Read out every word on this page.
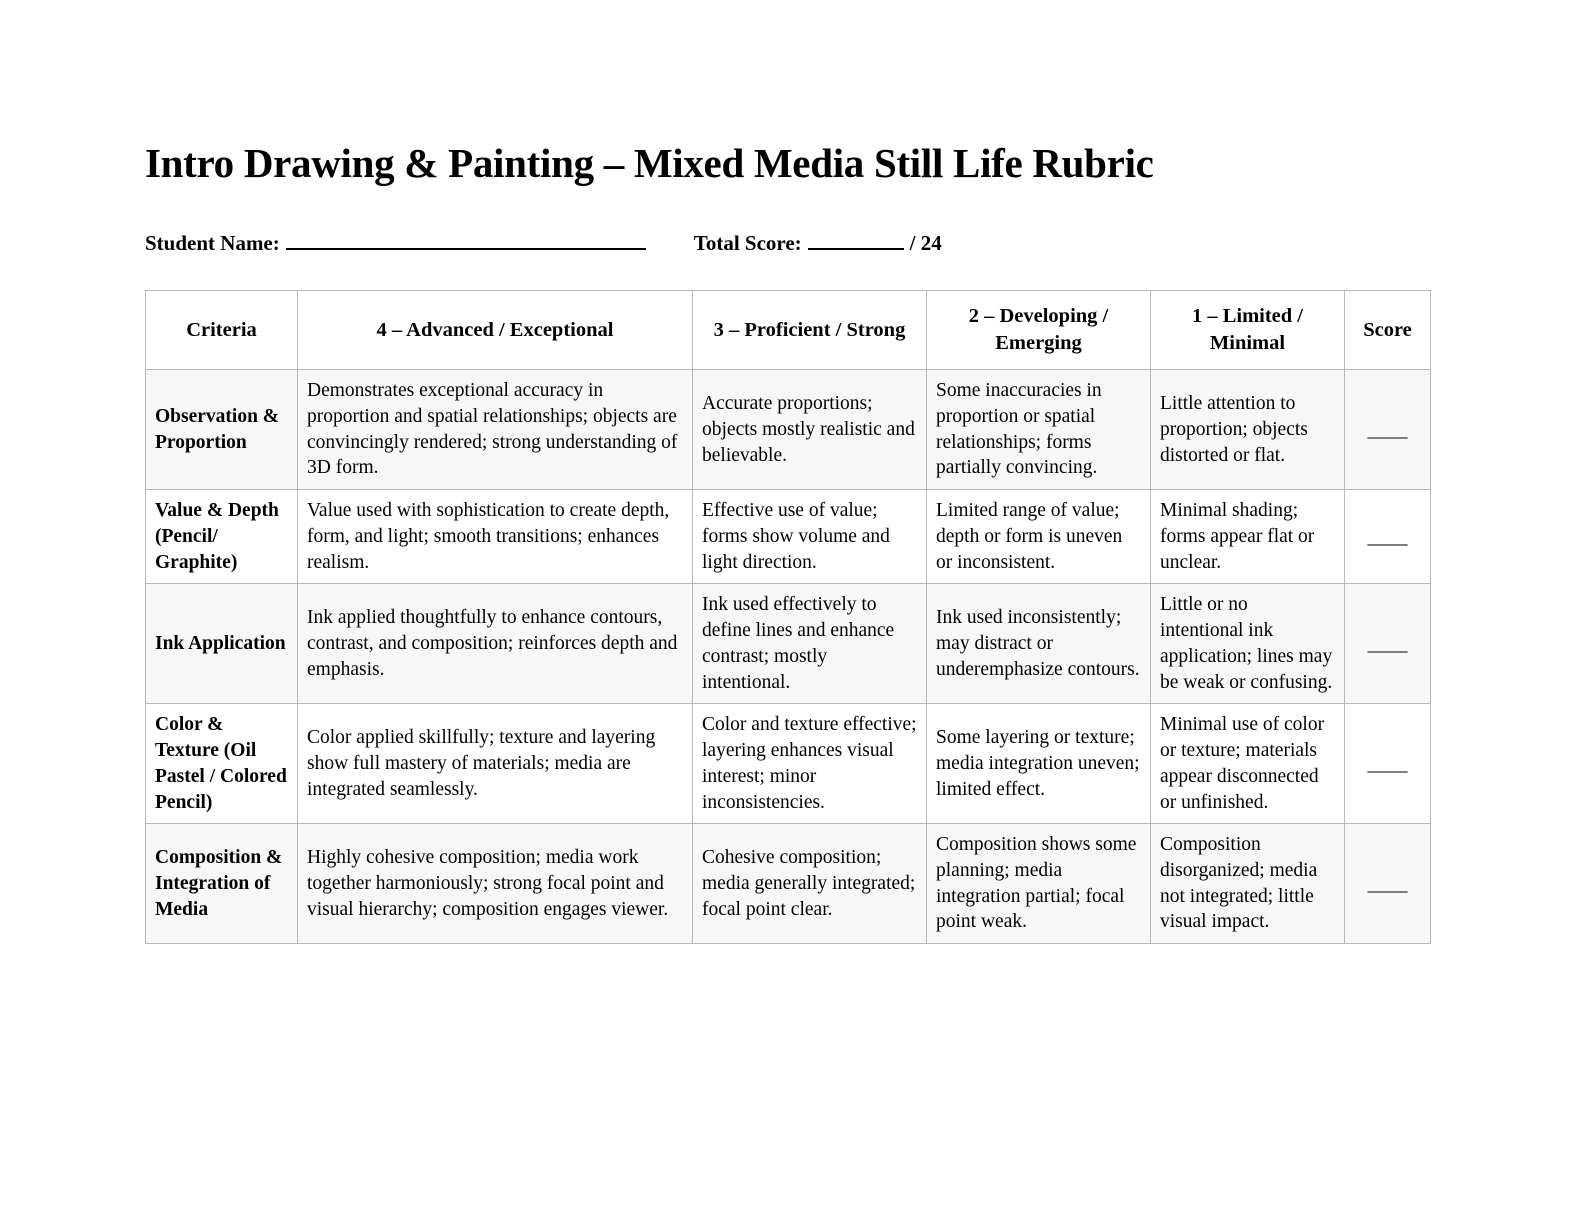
Intro Drawing & Painting – Mixed Media Still Life Rubric
Student Name:	Total Score:	/ 24
Criteria	4 – Advanced / Exceptional	3 – Proficient / Strong	2 – Developing / Emerging	1 – Limited / Minimal	Score
Observation & Proportion	Demonstrates exceptional accuracy in proportion and spatial relationships; objects are convincingly rendered; strong understanding of 3D form.	Accurate proportions; objects mostly realistic and believable.	Some inaccuracies in proportion or spatial relationships; forms partially convincing.	Little attention to proportion; objects distorted or flat.	____
Value & Depth (Pencil/ Graphite)	Value used with sophistication to create depth, form, and light; smooth transitions; enhances realism.	Effective use of value; forms show volume and light direction.	Limited range of value; depth or form is uneven or inconsistent.	Minimal shading; forms appear flat or unclear.	____
Ink Application	Ink applied thoughtfully to enhance contours, contrast, and composition; reinforces depth and emphasis.	Ink used effectively to define lines and enhance contrast; mostly intentional.	Ink used inconsistently; may distract or underemphasize contours.	Little or no intentional ink application; lines may be weak or confusing.	____
Color & Texture (Oil Pastel / Colored Pencil)	Color applied skillfully; texture and layering show full mastery of materials; media are integrated seamlessly.	Color and texture effective; layering enhances visual interest; minor inconsistencies.	Some layering or texture; media integration uneven; limited effect.	Minimal use of color or texture; materials appear disconnected or unfinished.	____
Composition & Integration of Media	Highly cohesive composition; media work together harmoniously; strong focal point and visual hierarchy; composition engages viewer.	Cohesive composition; media generally integrated; focal point clear.	Composition shows some planning; media integration partial; focal point weak.	Composition disorganized; media not integrated; little visual impact.	____
